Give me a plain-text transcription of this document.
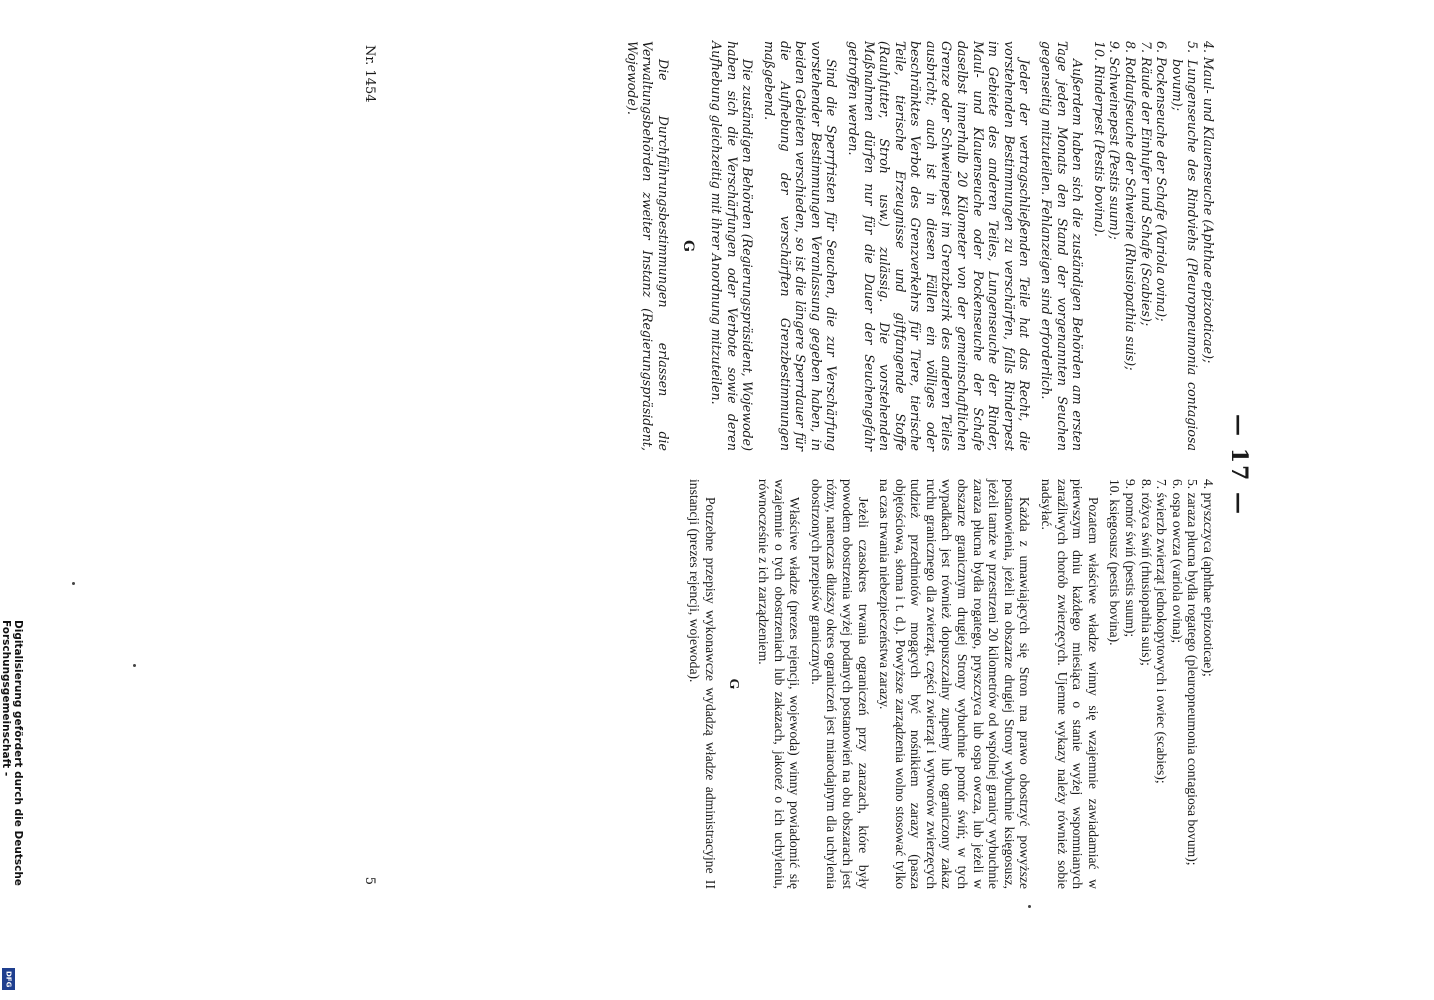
Digitalisierung gefördert durch die Deutsche Forschungsgemeinschaft -
DFG
— 17 —
4. Maul- und Klauenseuche (Aphthae epizooticae);
5. Lungenseuche des Rindviehs (Pleuropneumonia contagiosa bovum);
6. Pockenseuche der Schafe (Variola ovina);
7. Räude der Einhufer und Schafe (Scabies);
8. Rotlaufseuche der Schweine (Rhusiopathia suis);
9. Schweinepest (Pestis suum);
10. Rinderpest (Pestis bovina).

Außerdem haben sich die zuständigen Behörden am ersten Tage jeden Monats den Stand der vorgenannten Seuchen gegenseitig mitzuteilen. Fehlanzeigen sind erforderlich.

Jeder der vertragschließenden Teile hat das Recht, die vorstehenden Bestimmungen zu verschärfen, falls Rinderpest im Gebiete des anderen Teiles, Lungenseuche der Rinder, Maul- und Klauenseuche oder Pockenseuche der Schafe daselbst innerhalb 20 Kilometer von der gemeinschaftlichen Grenze oder Schweinepest im Grenzbezirk des anderen Teiles ausbricht; auch ist in diesen Fällen ein völliges oder beschränktes Verbot des Grenzverkehrs für Tiere, tierische Teile, tierische Erzeugnisse und giftfangende Stoffe (Rauhfutter, Stroh usw.) zulässig. Die vorstehenden Maßnahmen dürfen nur für die Dauer der Seuchengefahr getroffen werden.

Sind die Sperrfristen für Seuchen, die zur Verschärfung vorstehender Bestimmungen Veranlassung gegeben haben, in beiden Gebieten verschieden, so ist die längere Sperrdauer für die Aufhebung der verschärften Grenzbestimmungen maßgebend.

Die zuständigen Behörden (Regierungspräsident, Wojewode) haben sich die Verschärfungen oder Verbote sowie deren Aufhebung gleichzeitig mit ihrer Anordnung mitzuteilen.

G

Die Durchführungsbestimmungen erlassen die Verwaltungsbehörden zweiter Instanz (Regierungspräsident, Wojewode).

4. pryszczyca (aphthae epizooticae);
5. zaraza płucna bydła rogatego (pleuropneumonia contagiosa bovum);
6. ospa owcza (variola ovina);
7. świerzb zwierząt jednokopytowych i owiec (scabies);
8. różyca świń (rhusiopathia suis);
9. pomór świń (pestis suum);
10. księgosusz (pestis bovina).

Pozatem właściwe władze winny się wzajemnie zawiadamiać w pierwszym dniu każdego miesiąca o stanie wyżej wspomnianych zaraźliwych chorób zwierzęcych. Ujemne wykazy należy również sobie nadsyłać.

Każda z umawiających się Stron ma prawo obostrzyć powyższe postanowienia, jeżeli na obszarze drugiej Strony wybuchnie księgosusz, jeżeli tamże w przestrzeni 20 kilometrów od wspólnej granicy wybuchnie zaraza płucna bydła rogatego, pryszczyca lub ospa owcza, lub jeżeli w obszarze granicznym drugiej Strony wybuchnie pomór świń; w tych wypadkach jest również dopuszczalny zupełny lub ograniczony zakaz ruchu granicznego dla zwierząt, części zwierząt i wytworów zwierzęcych tudzież przedmiotów mogących być nośnikiem zarazy (pasza objętościowa, słoma i t. d.). Powyższe zarządzenia wolno stosować tylko na czas trwania niebezpieczeństwa zarazy.

Jeżeli czasokres trwania ograniczeń przy zarazach, które były powodem obostrzenia wyżej podanych postanowień na obu obszarach jest różny, natenczas dłuższy okres ograniczeń jest miarodajnym dla uchylenia obostrzonych przepisów granicznych.

Właściwe władze (prezes rejencji, wojewoda) winny powiadomić się wzajemnie o tych obostrzeniach lub zakazach, jakoteż o ich uchyleniu, równocześnie z ich zarządzeniem.

G

Potrzebne przepisy wykonawcze wydadzą władze administracyjne II instancji (prezes rejencji, wojewoda).

Nr. 1454
5
